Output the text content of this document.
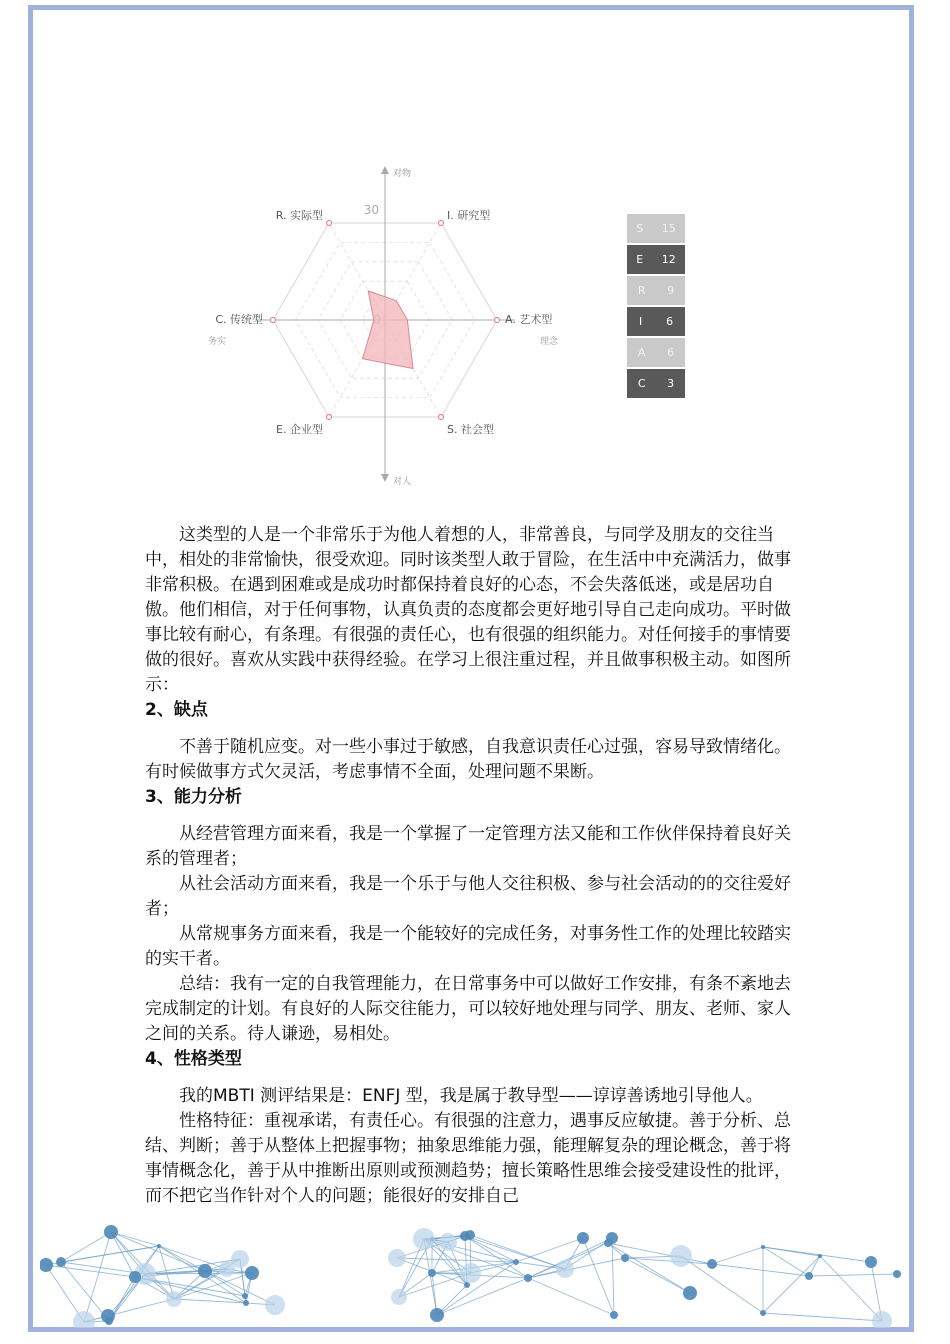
30	I. 研究型
A. 艺术型
S. 社会型
E. 企业型
C. 传统型
R. 实际型
对物
对人
务实	理念
S 15
E 12
R 9
I 6
A 6
C 3

这类型的人是一个非常乐于为他人着想的人，非常善良，与同学及朋友的交往当中，相处的非常愉快，很受欢迎。同时该类型人敢于冒险，在生活中中充满活力，做事非常积极。在遇到困难或是成功时都保持着良好的心态，不会失落低迷，或是居功自傲。他们相信，对于任何事物，认真负责的态度都会更好地引导自己走向成功。平时做事比较有耐心，有条理。有很强的责任心，也有很强的组织能力。对任何接手的事情要做的很好。喜欢从实践中获得经验。在学习上很注重过程，并且做事积极主动。如图所示：

2、缺点

不善于随机应变。对一些小事过于敏感，自我意识责任心过强，容易导致情绪化。有时候做事方式欠灵活，考虑事情不全面，处理问题不果断。

3、能力分析

从经营管理方面来看，我是一个掌握了一定管理方法又能和工作伙伴保持着良好关系的管理者；

从社会活动方面来看，我是一个乐于与他人交往积极、参与社会活动的的交往爱好者；

从常规事务方面来看，我是一个能较好的完成任务，对事务性工作的处理比较踏实的实干者。

总结：我有一定的自我管理能力，在日常事务中可以做好工作安排，有条不紊地去完成制定的计划。有良好的人际交往能力，可以较好地处理与同学、朋友、老师、家人之间的关系。待人谦逊，易相处。

4、性格类型

我的MBTI 测评结果是：ENFJ 型，我是属于教导型——谆谆善诱地引导他人。

性格特征：重视承诺，有责任心。有很强的注意力，遇事反应敏捷。善于分析、总结、判断；善于从整体上把握事物；抽象思维能力强，能理解复杂的理论概念，善于将事情概念化，善于从中推断出原则或预测趋势；擅长策略性思维会接受建设性的批评，而不把它当作针对个人的问题；能很好的安排自己
